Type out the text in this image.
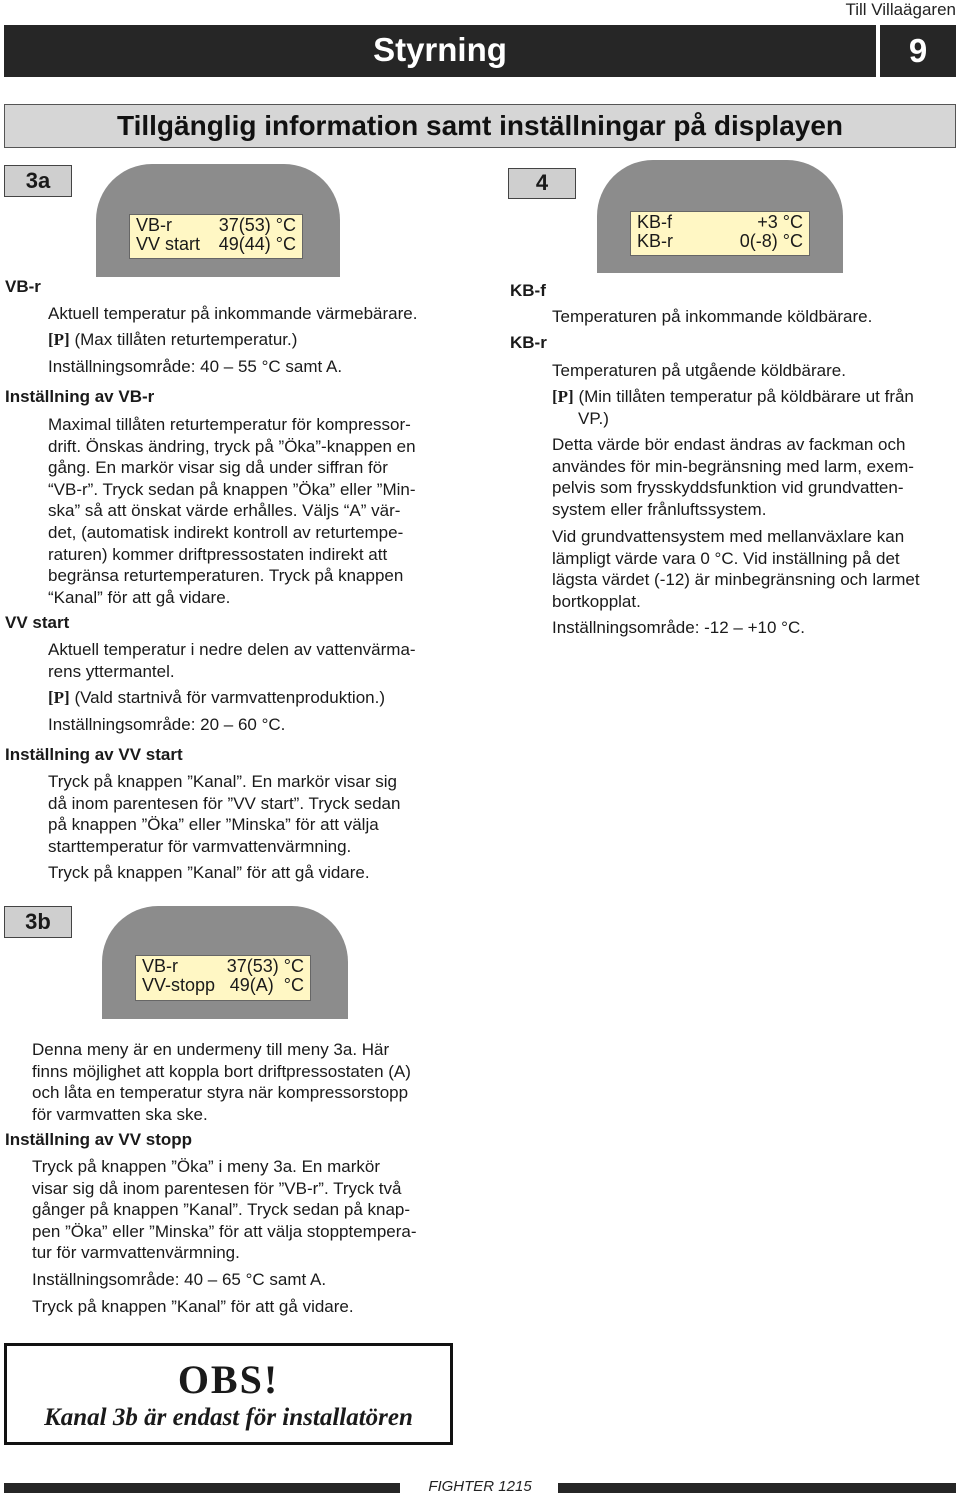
Till Villaägaren
Styrning	9
Tillgänglig information samt inställningar på displayen
3a
VB-r	37(53) °C
VV start 49(44) °C
VB-r
Aktuell temperatur på inkommande värmebärare.
[P] (Max tillåten returtemperatur.)
Inställningsområde: 40 – 55 °C samt A.
Inställning av VB-r
Maximal tillåten returtemperatur för kompressor-
drift. Önskas ändring, tryck på ”Öka”-knappen en
gång. En markör visar sig då under siffran för
“VB-r”. Tryck sedan på knappen ”Öka” eller ”Min-
ska” så att önskat värde erhålles. Väljs “A” vär-
det, (automatisk indirekt kontroll av returtempe-
raturen) kommer driftpressostaten indirekt att
begränsa returtemperaturen. Tryck på knappen
“Kanal” för att gå vidare.
VV start
Aktuell temperatur i nedre delen av vattenvärma-
rens yttermantel.
[P] (Vald startnivå för varmvattenproduktion.)
Inställningsområde: 20 – 60 °C.
Inställning av VV start
Tryck på knappen ”Kanal”. En markör visar sig
då inom parentesen för ”VV start”. Tryck sedan
på knappen ”Öka” eller ”Minska” för att välja
starttemperatur för varmvattenvärmning.
Tryck på knappen ”Kanal” för att gå vidare.
4
KB-f	+3 °C
KB-r	0(-8) °C
KB-f
Temperaturen på inkommande köldbärare.
KB-r
Temperaturen på utgående köldbärare.
[P] (Min tillåten temperatur på köldbärare ut från
VP.)
Detta värde bör endast ändras av fackman och
användes för min-begränsning med larm, exem-
pelvis som frysskyddsfunktion vid grundvatten-
system eller frånluftssystem.
Vid grundvattensystem med mellanväxlare kan
lämpligt värde vara 0 °C. Vid inställning på det
lägsta värdet (-12) är minbegränsning och larmet
bortkopplat.
Inställningsområde: -12 – +10 °C.
3b
VB-r	37(53) °C
VV-stopp 49(A)  °C
Denna meny är en undermeny till meny 3a. Här
finns möjlighet att koppla bort driftpressostaten (A)
och låta en temperatur styra när kompressorstopp
för varmvatten ska ske.
Inställning av VV stopp
Tryck på knappen ”Öka” i meny 3a. En markör
visar sig då inom parentesen för ”VB-r”. Tryck två
gånger på knappen ”Kanal”. Tryck sedan på knap-
pen ”Öka” eller ”Minska” för att välja stopptempera-
tur för varmvattenvärmning.
Inställningsområde: 40 – 65 °C samt A.
Tryck på knappen ”Kanal” för att gå vidare.
OBS!
Kanal 3b är endast för installatören
FIGHTER 1215
